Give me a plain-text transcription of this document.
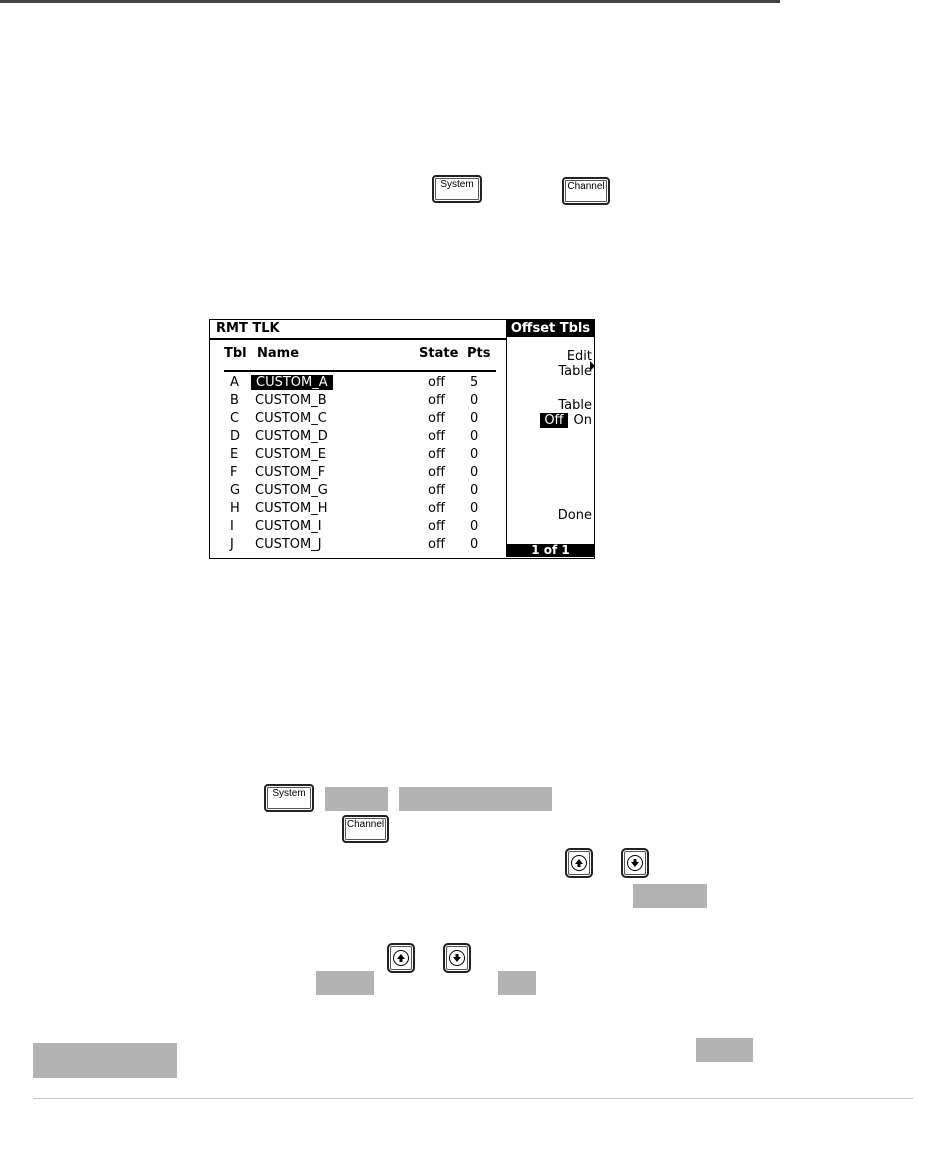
System	Channel
RMT TLK
Tbl Name	State Pts
A	CUSTOM_A	off 5
B CUSTOM_B	off 0
C CUSTOM_C	off 0
D CUSTOM_D	off 0
E CUSTOM_E	off 0
F CUSTOM_F	off 0
G CUSTOM_G	off 0
H CUSTOM_H	off 0
I CUSTOM_I	off 0
J CUSTOM_J	off 0
Offset Tbls
Edit
Table
Table
Off On
Done
1 of 1
System
Channel
